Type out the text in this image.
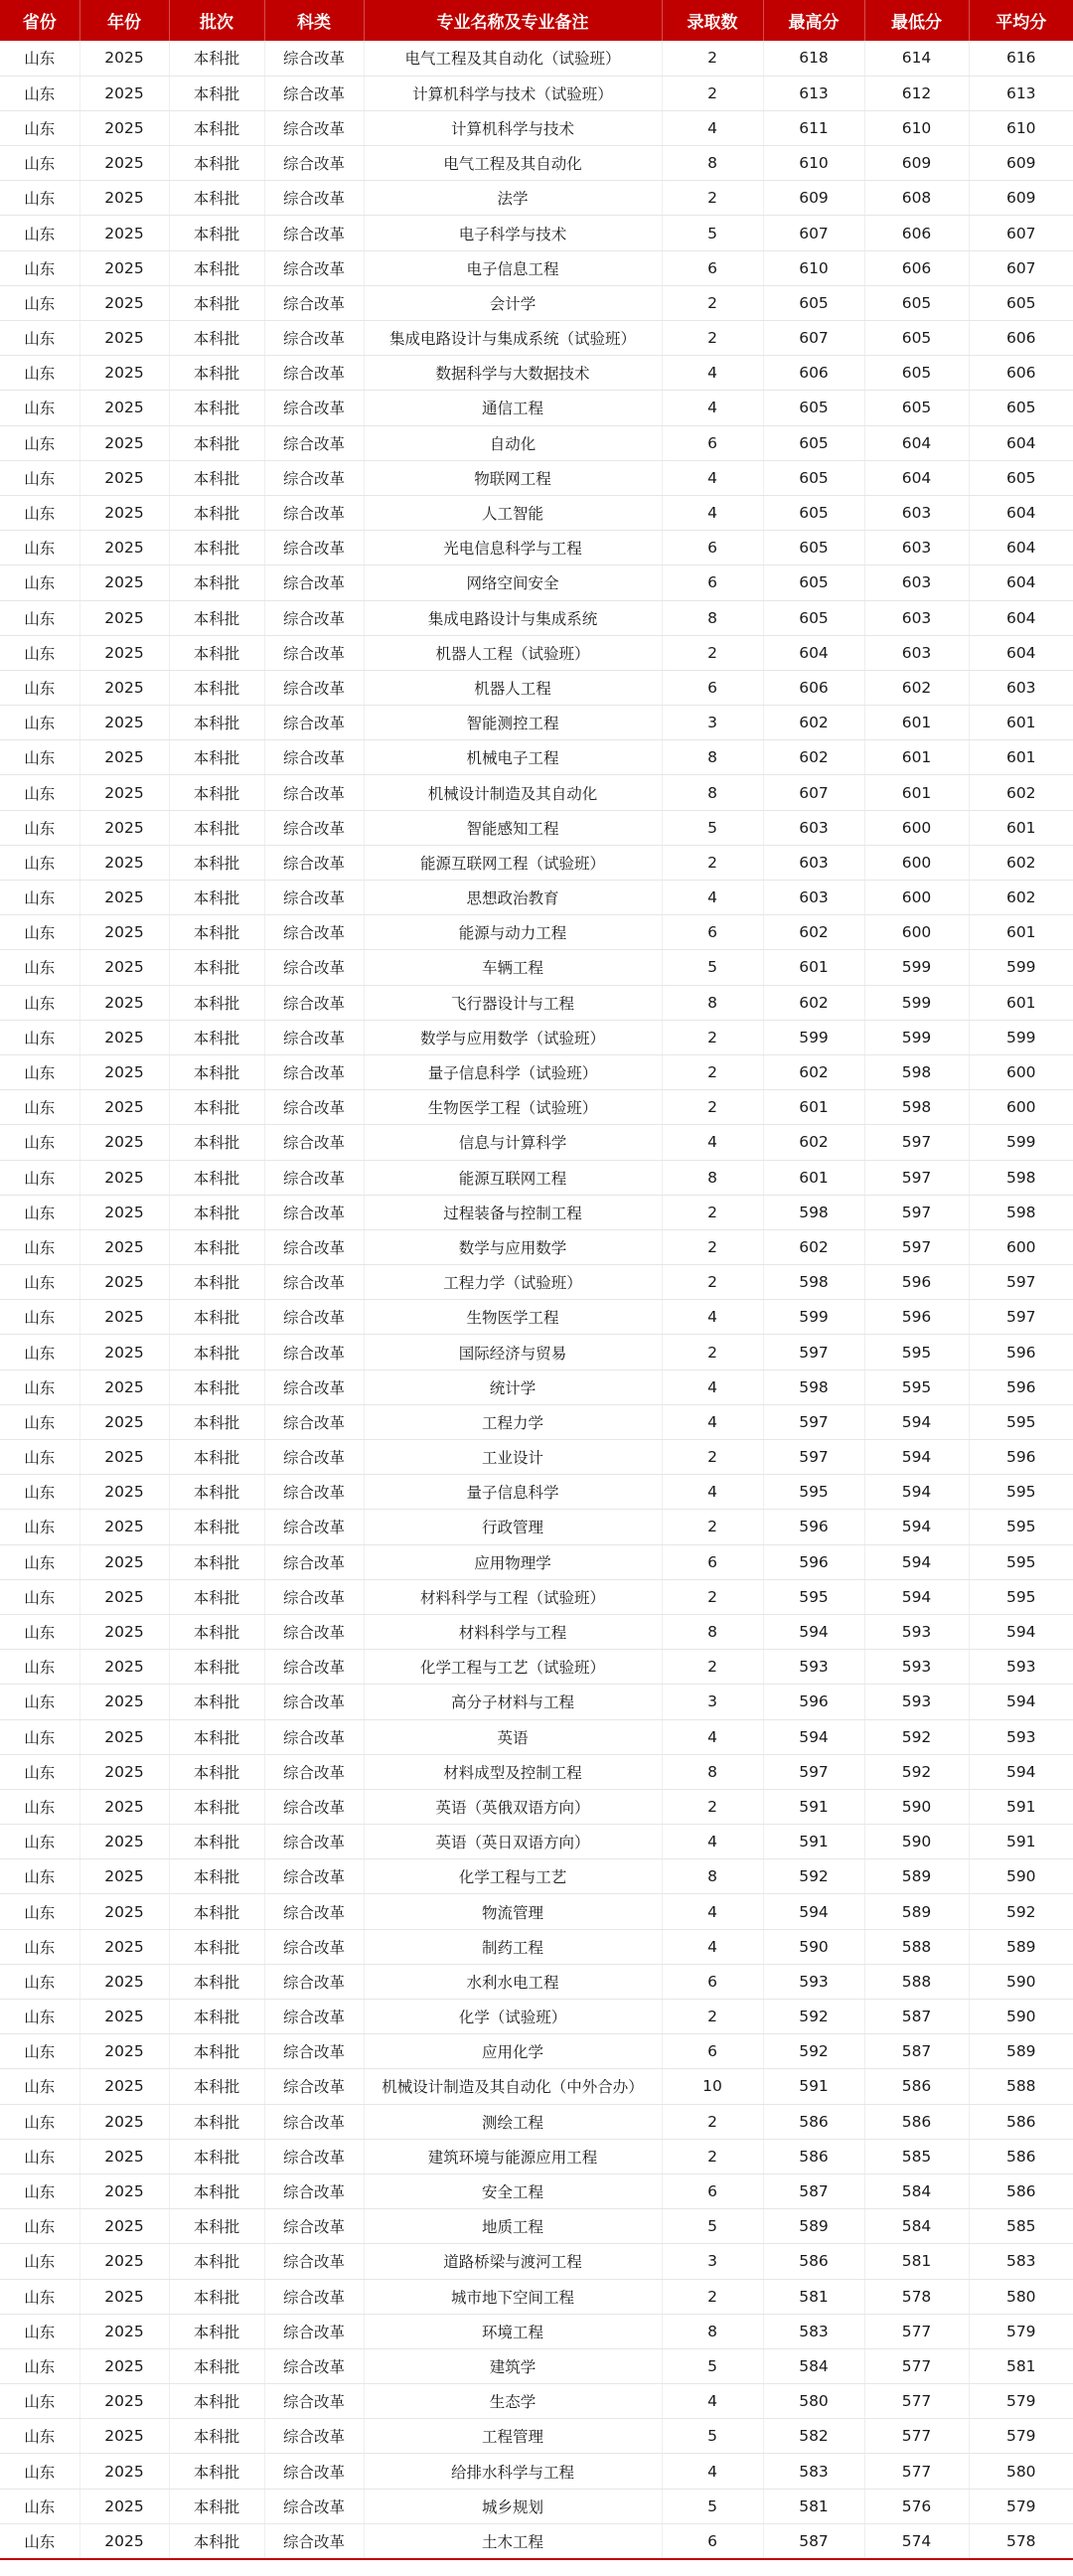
省份	年份	批次	科类	专业名称及专业备注	录取数	最高分	最低分	平均分
山东	2025	本科批	综合改革	电气工程及其自动化（试验班）	2	618	614	616
山东	2025	本科批	综合改革	计算机科学与技术（试验班）	2	613	612	613
山东	2025	本科批	综合改革	计算机科学与技术	4	611	610	610
山东	2025	本科批	综合改革	电气工程及其自动化	8	610	609	609
山东	2025	本科批	综合改革	法学	2	609	608	609
山东	2025	本科批	综合改革	电子科学与技术	5	607	606	607
山东	2025	本科批	综合改革	电子信息工程	6	610	606	607
山东	2025	本科批	综合改革	会计学	2	605	605	605
山东	2025	本科批	综合改革	集成电路设计与集成系统（试验班）	2	607	605	606
山东	2025	本科批	综合改革	数据科学与大数据技术	4	606	605	606
山东	2025	本科批	综合改革	通信工程	4	605	605	605
山东	2025	本科批	综合改革	自动化	6	605	604	604
山东	2025	本科批	综合改革	物联网工程	4	605	604	605
山东	2025	本科批	综合改革	人工智能	4	605	603	604
山东	2025	本科批	综合改革	光电信息科学与工程	6	605	603	604
山东	2025	本科批	综合改革	网络空间安全	6	605	603	604
山东	2025	本科批	综合改革	集成电路设计与集成系统	8	605	603	604
山东	2025	本科批	综合改革	机器人工程（试验班）	2	604	603	604
山东	2025	本科批	综合改革	机器人工程	6	606	602	603
山东	2025	本科批	综合改革	智能测控工程	3	602	601	601
山东	2025	本科批	综合改革	机械电子工程	8	602	601	601
山东	2025	本科批	综合改革	机械设计制造及其自动化	8	607	601	602
山东	2025	本科批	综合改革	智能感知工程	5	603	600	601
山东	2025	本科批	综合改革	能源互联网工程（试验班）	2	603	600	602
山东	2025	本科批	综合改革	思想政治教育	4	603	600	602
山东	2025	本科批	综合改革	能源与动力工程	6	602	600	601
山东	2025	本科批	综合改革	车辆工程	5	601	599	599
山东	2025	本科批	综合改革	飞行器设计与工程	8	602	599	601
山东	2025	本科批	综合改革	数学与应用数学（试验班）	2	599	599	599
山东	2025	本科批	综合改革	量子信息科学（试验班）	2	602	598	600
山东	2025	本科批	综合改革	生物医学工程（试验班）	2	601	598	600
山东	2025	本科批	综合改革	信息与计算科学	4	602	597	599
山东	2025	本科批	综合改革	能源互联网工程	8	601	597	598
山东	2025	本科批	综合改革	过程装备与控制工程	2	598	597	598
山东	2025	本科批	综合改革	数学与应用数学	2	602	597	600
山东	2025	本科批	综合改革	工程力学（试验班）	2	598	596	597
山东	2025	本科批	综合改革	生物医学工程	4	599	596	597
山东	2025	本科批	综合改革	国际经济与贸易	2	597	595	596
山东	2025	本科批	综合改革	统计学	4	598	595	596
山东	2025	本科批	综合改革	工程力学	4	597	594	595
山东	2025	本科批	综合改革	工业设计	2	597	594	596
山东	2025	本科批	综合改革	量子信息科学	4	595	594	595
山东	2025	本科批	综合改革	行政管理	2	596	594	595
山东	2025	本科批	综合改革	应用物理学	6	596	594	595
山东	2025	本科批	综合改革	材料科学与工程（试验班）	2	595	594	595
山东	2025	本科批	综合改革	材料科学与工程	8	594	593	594
山东	2025	本科批	综合改革	化学工程与工艺（试验班）	2	593	593	593
山东	2025	本科批	综合改革	高分子材料与工程	3	596	593	594
山东	2025	本科批	综合改革	英语	4	594	592	593
山东	2025	本科批	综合改革	材料成型及控制工程	8	597	592	594
山东	2025	本科批	综合改革	英语（英俄双语方向）	2	591	590	591
山东	2025	本科批	综合改革	英语（英日双语方向）	4	591	590	591
山东	2025	本科批	综合改革	化学工程与工艺	8	592	589	590
山东	2025	本科批	综合改革	物流管理	4	594	589	592
山东	2025	本科批	综合改革	制药工程	4	590	588	589
山东	2025	本科批	综合改革	水利水电工程	6	593	588	590
山东	2025	本科批	综合改革	化学（试验班）	2	592	587	590
山东	2025	本科批	综合改革	应用化学	6	592	587	589
山东	2025	本科批	综合改革	机械设计制造及其自动化（中外合办）	10	591	586	588
山东	2025	本科批	综合改革	测绘工程	2	586	586	586
山东	2025	本科批	综合改革	建筑环境与能源应用工程	2	586	585	586
山东	2025	本科批	综合改革	安全工程	6	587	584	586
山东	2025	本科批	综合改革	地质工程	5	589	584	585
山东	2025	本科批	综合改革	道路桥梁与渡河工程	3	586	581	583
山东	2025	本科批	综合改革	城市地下空间工程	2	581	578	580
山东	2025	本科批	综合改革	环境工程	8	583	577	579
山东	2025	本科批	综合改革	建筑学	5	584	577	581
山东	2025	本科批	综合改革	生态学	4	580	577	579
山东	2025	本科批	综合改革	工程管理	5	582	577	579
山东	2025	本科批	综合改革	给排水科学与工程	4	583	577	580
山东	2025	本科批	综合改革	城乡规划	5	581	576	579
山东	2025	本科批	综合改革	土木工程	6	587	574	578
